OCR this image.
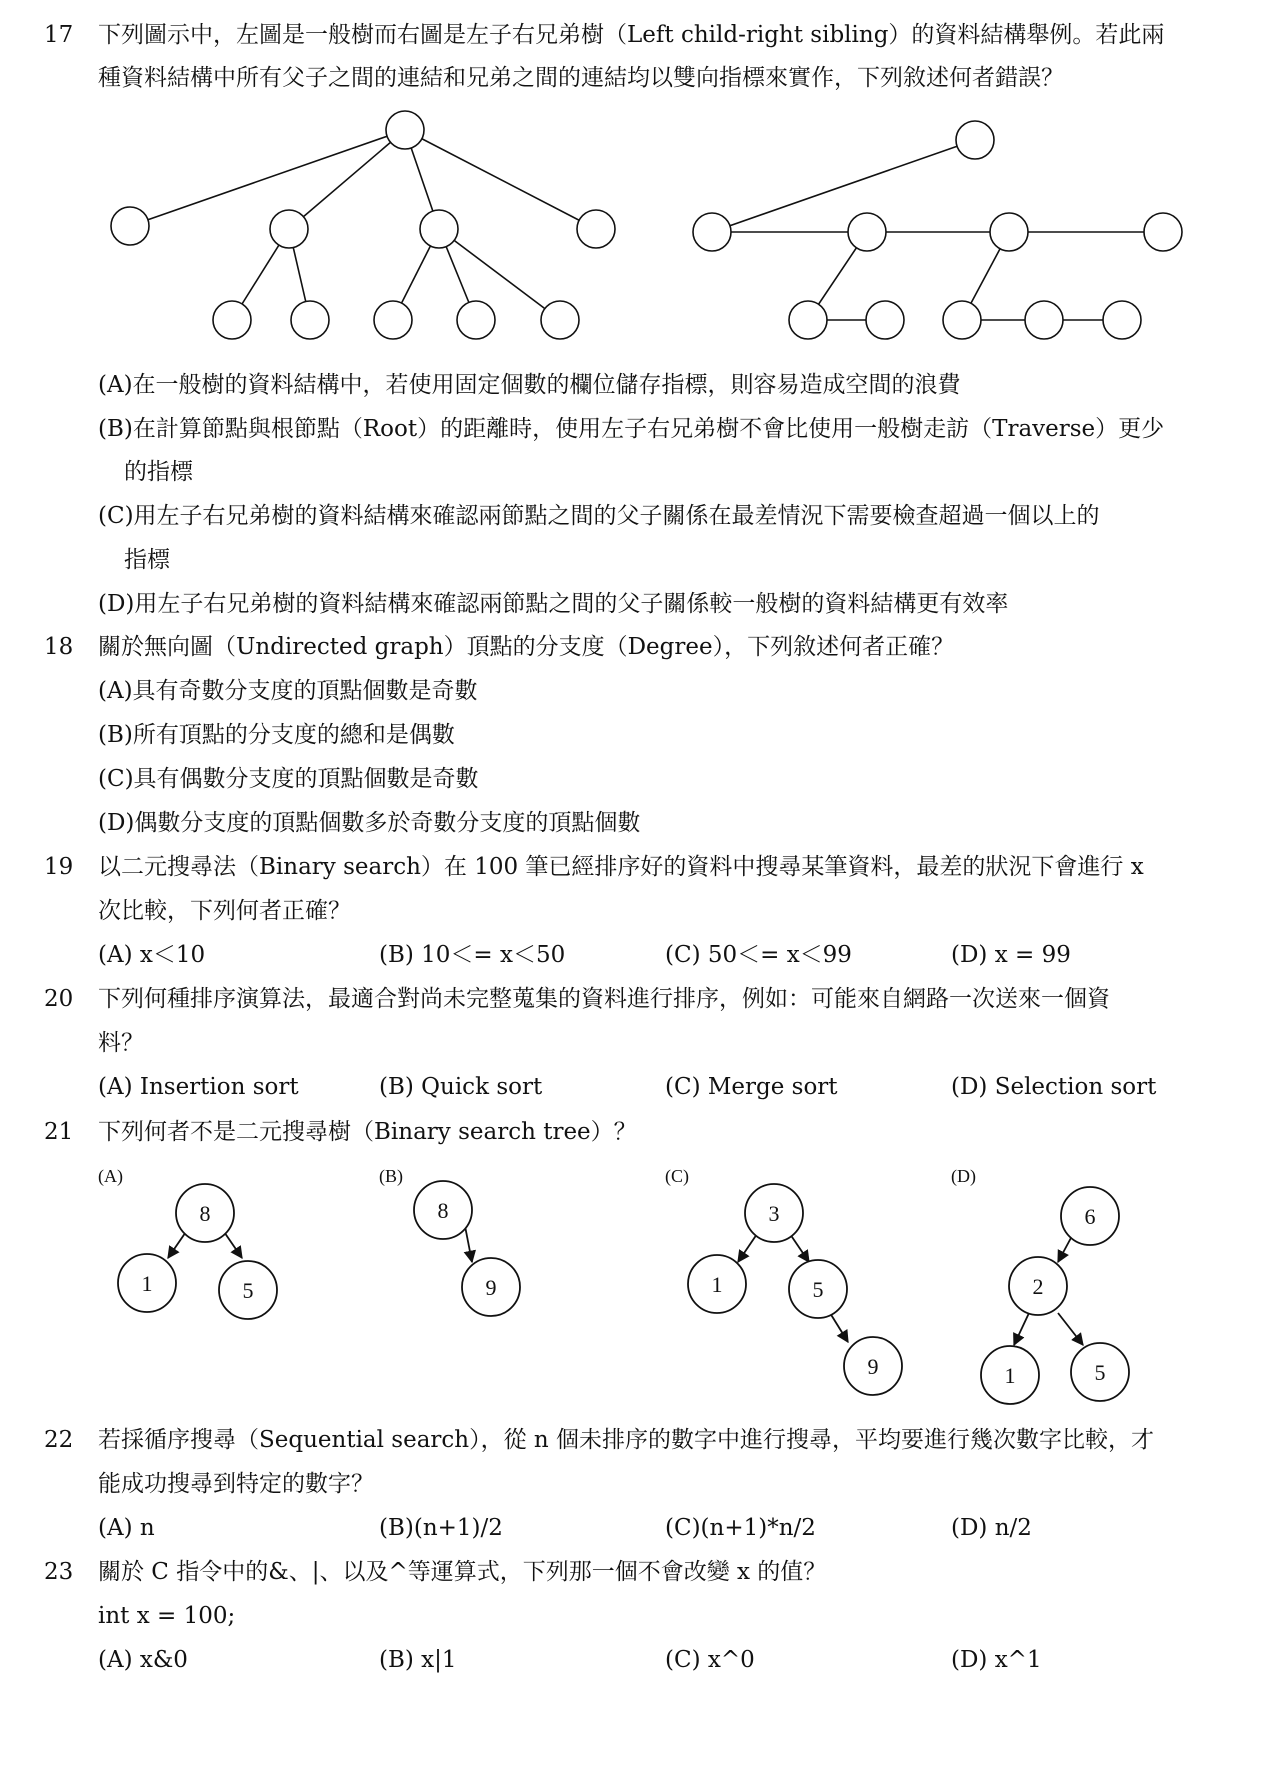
17 下列圖示中，左圖是一般樹而右圖是左子右兄弟樹（Left child-right sibling）的資料結構舉例。若此兩
種資料結構中所有父子之間的連結和兄弟之間的連結均以雙向指標來實作，下列敘述何者錯誤？
8
1	5
8
9
3
1	5
9
6
2
1	5
(A)在一般樹的資料結構中，若使用固定個數的欄位儲存指標，則容易造成空間的浪費
(B)在計算節點與根節點（Root）的距離時，使用左子右兄弟樹不會比使用一般樹走訪（Traverse）更少
的指標
(C)用左子右兄弟樹的資料結構來確認兩節點之間的父子關係在最差情況下需要檢查超過一個以上的
指標
(D)用左子右兄弟樹的資料結構來確認兩節點之間的父子關係較一般樹的資料結構更有效率
18 關於無向圖（Undirected graph）頂點的分支度（Degree），下列敘述何者正確？
(A)具有奇數分支度的頂點個數是奇數
(B)所有頂點的分支度的總和是偶數
(C)具有偶數分支度的頂點個數是奇數
(D)偶數分支度的頂點個數多於奇數分支度的頂點個數
19 以二元搜尋法（Binary search）在 100 筆已經排序好的資料中搜尋某筆資料，最差的狀況下會進行 x
次比較，下列何者正確？
(A) x＜10	(B) 10＜= x＜50	(C) 50＜= x＜99	(D) x = 99
20 下列何種排序演算法，最適合對尚未完整蒐集的資料進行排序，例如：可能來自網路一次送來一個資
料？
(A) Insertion sort	(B) Quick sort	(C) Merge sort	(D) Selection sort
21 下列何者不是二元搜尋樹（Binary search tree）？
(A)	(B)	(C)	(D)
22 若採循序搜尋（Sequential search），從 n 個未排序的數字中進行搜尋，平均要進行幾次數字比較，才
能成功搜尋到特定的數字？
(A) n	(B)(n+1)/2	(C)(n+1)*n/2	(D) n/2
23 關於 C 指令中的&、|、以及^等運算式，下列那一個不會改變 x 的值？
int x = 100;
(A) x&0	(B) x|1	(C) x^0	(D) x^1
